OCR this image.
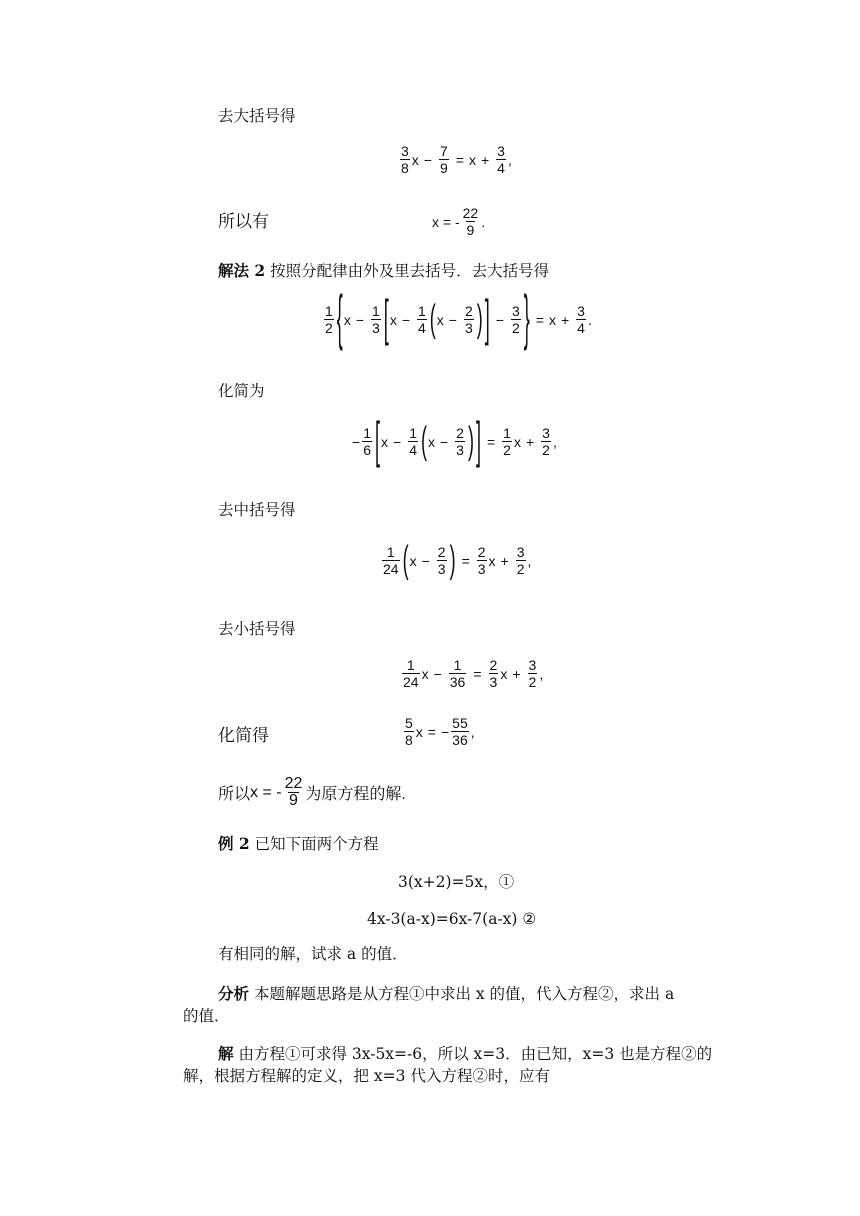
去大括号得
$\frac{3}{8}$ $x - \frac{7}{9} = x + \frac{3}{4}$ ,
所以有	x = - $\frac{22}{9}$ .
解法 2 按照分配律由外及里去括号．去大括号得
$\frac{1}{2}$ { $x - \frac{1}{3}$ [ $x - \frac{1}{4}$ ( $x - \frac{2}{3}$ ) ] − $\frac{3}{2}$ } = $x + \frac{3}{4}$ .
化简为
− $\frac{1}{6}$ [ $x - \frac{1}{4}$ ( $x - \frac{2}{3}$ ) ] = $\frac{1}{2}$ $x + \frac{3}{2}$ ,
去中括号得
$\frac{1}{24}$ ( $x - \frac{2}{3}$ ) = $\frac{2}{3}$ $x + \frac{3}{2}$ ,
去小括号得
$\frac{1}{24}$ $x - \frac{1}{36} = \frac{2}{3}$ $x + \frac{3}{2}$ ,
化简得	$\frac{5}{8}$ x = − $\frac{55}{36}$ ,
所以 x = - $\frac{22}{9}$ 为原方程的解.
例 2 已知下面两个方程
3(x+2)=5x，①
4x-3(a-x)=6x-7(a-x) ②
有相同的解，试求 a 的值．
分析 本题解题思路是从方程①中求出 x 的值，代入方程②，求出 a
的值．
解 由方程①可求得 3x-5x=-6，所以 x=3．由已知，x=3 也是方程②的
解，根据方程解的定义，把 x=3 代入方程②时，应有
